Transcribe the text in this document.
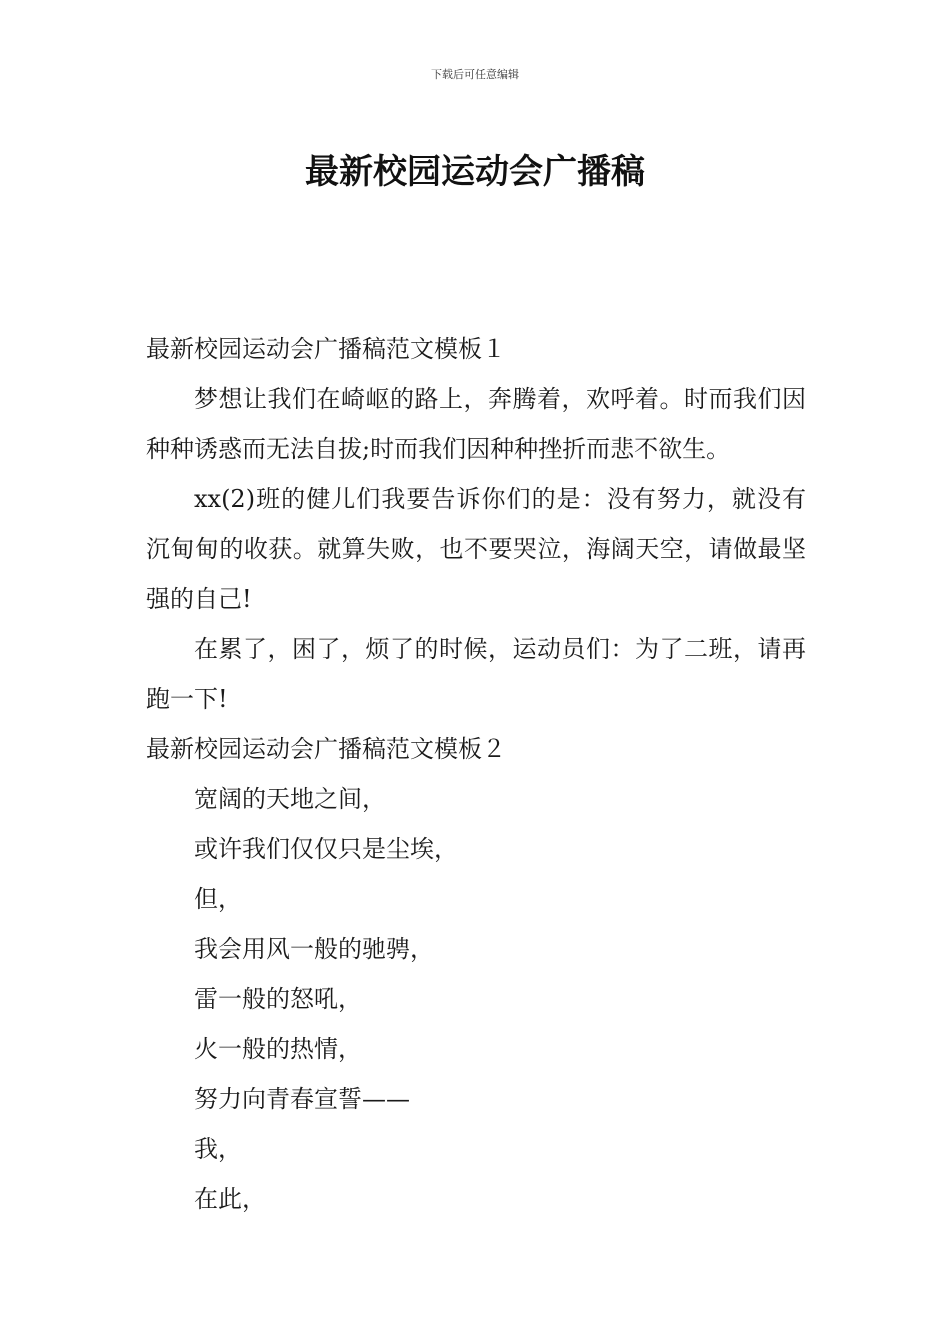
下载后可任意编辑
最新校园运动会广播稿

最新校园运动会广播稿范文模板１

梦想让我们在崎岖的路上，奔腾着，欢呼着。时而我们因种种诱惑而无法自拔;时而我们因种种挫折而悲不欲生。

xx(2)班的健儿们我要告诉你们的是：没有努力，就没有沉甸甸的收获。就算失败，也不要哭泣，海阔天空，请做最坚强的自己!

在累了，困了，烦了的时候，运动员们：为了二班，请再跑一下!

最新校园运动会广播稿范文模板２

宽阔的天地之间，

或许我们仅仅只是尘埃，

但，

我会用风一般的驰骋，

雷一般的怒吼，

火一般的热情，

努力向青春宣誓——

我，

在此，
